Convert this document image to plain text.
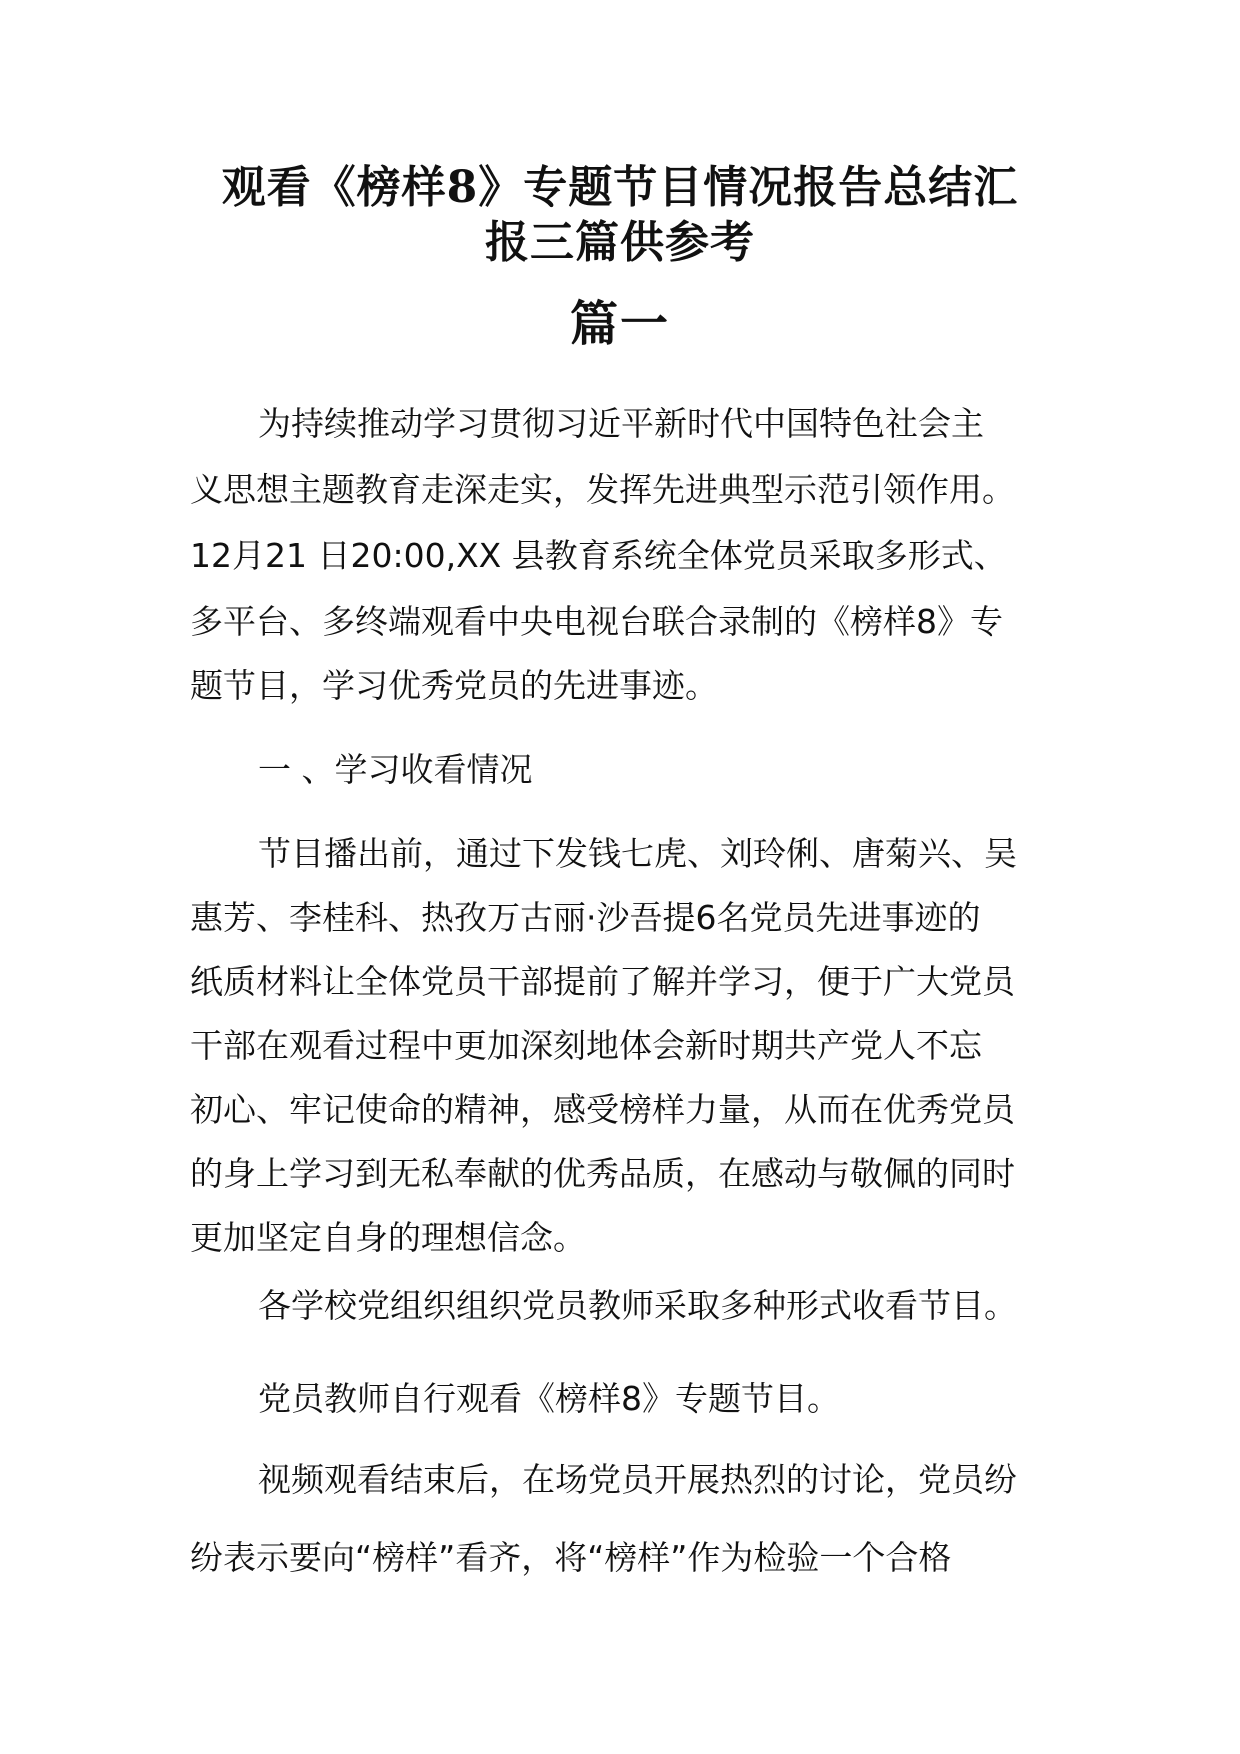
观看《榜样8》专题节目情况报告总结汇
报三篇供参考
篇一
为持续推动学习贯彻习近平新时代中国特色社会主
义思想主题教育走深走实，发挥先进典型示范引领作用。
12月21 日20:00,XX 县教育系统全体党员采取多形式、
多平台、多终端观看中央电视台联合录制的《榜样8》专
题节目，学习优秀党员的先进事迹。
一 、学习收看情况
节目播出前，通过下发钱七虎、刘玲俐、唐菊兴、吴
惠芳、李桂科、热孜万古丽·沙吾提6名党员先进事迹的
纸质材料让全体党员干部提前了解并学习，便于广大党员
干部在观看过程中更加深刻地体会新时期共产党人不忘
初心、牢记使命的精神，感受榜样力量，从而在优秀党员
的身上学习到无私奉献的优秀品质，在感动与敬佩的同时
更加坚定自身的理想信念。
各学校党组织组织党员教师采取多种形式收看节目。
党员教师自行观看《榜样8》专题节目。
视频观看结束后，在场党员开展热烈的讨论，党员纷
纷表示要向“榜样”看齐，将“榜样”作为检验一个合格
